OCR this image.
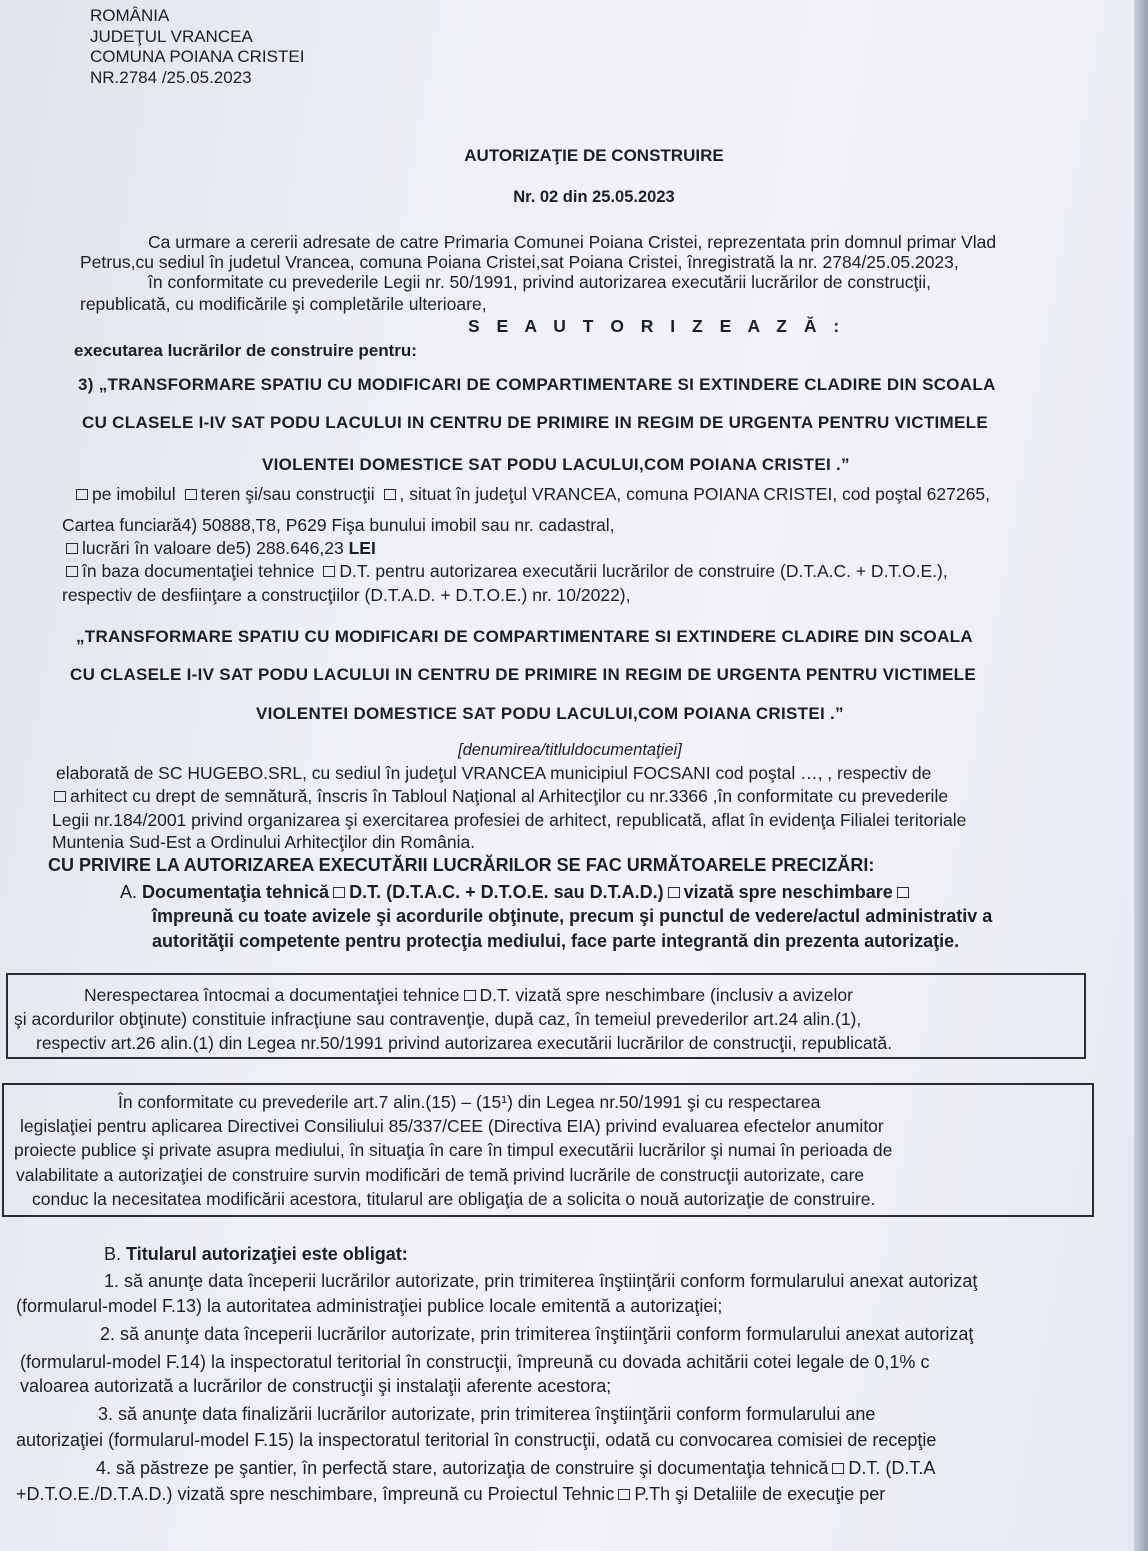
ROMÂNIA
JUDEŢUL VRANCEA
COMUNA POIANA CRISTEI
NR.2784 /25.05.2023
AUTORIZAŢIE DE CONSTRUIRE
Nr. 02 din 25.05.2023
Ca urmare a cererii adresate de catre Primaria Comunei Poiana Cristei, reprezentata prin domnul primar Vlad
Petrus,cu sediul în judetul Vrancea, comuna Poiana Cristei,sat Poiana Cristei, înregistrată la nr. 2784/25.05.2023,
în conformitate cu prevederile Legii nr. 50/1991, privind autorizarea executării lucrărilor de construcţii,
republicată, cu modificările şi completările ulterioare,
S E A U T O R I Z E A Z Ă :
executarea lucrărilor de construire pentru:
3) „TRANSFORMARE SPATIU CU MODIFICARI DE COMPARTIMENTARE SI EXTINDERE CLADIRE DIN SCOALA
CU CLASELE I-IV SAT PODU LACULUI IN CENTRU DE PRIMIRE IN REGIM DE URGENTA PENTRU VICTIMELE
VIOLENTEI DOMESTICE SAT PODU LACULUI,COM POIANA CRISTEI .”
pe imobilul teren şi/sau construcţii , situat în judeţul VRANCEA, comuna POIANA CRISTEI, cod poştal 627265,
Cartea funciară4) 50888,T8, P629 Fişa bunului imobil sau nr. cadastral,
lucrări în valoare de5) 288.646,23 LEI
în baza documentaţiei tehnice D.T. pentru autorizarea executării lucrărilor de construire (D.T.A.C. + D.T.O.E.),
respectiv de desfiinţare a construcţiilor (D.T.A.D. + D.T.O.E.) nr. 10/2022),
„TRANSFORMARE SPATIU CU MODIFICARI DE COMPARTIMENTARE SI EXTINDERE CLADIRE DIN SCOALA
CU CLASELE I-IV SAT PODU LACULUI IN CENTRU DE PRIMIRE IN REGIM DE URGENTA PENTRU VICTIMELE
VIOLENTEI DOMESTICE SAT PODU LACULUI,COM POIANA CRISTEI .”
[denumirea/titluldocumentaţiei]
elaborată de SC HUGEBO.SRL, cu sediul în judeţul VRANCEA municipiul FOCSANI cod poştal …, , respectiv de
arhitect cu drept de semnătură, înscris în Tabloul Naţional al Arhitecţilor cu nr.3366 ,în conformitate cu prevederile
Legii nr.184/2001 privind organizarea şi exercitarea profesiei de arhitect, republicată, aflat în evidenţa Filialei teritoriale
Muntenia Sud-Est a Ordinului Arhitecţilor din România.
CU PRIVIRE LA AUTORIZAREA EXECUTĂRII LUCRĂRILOR SE FAC URMĂTOARELE PRECIZĂRI:
A. Documentaţia tehnică D.T. (D.T.A.C. + D.T.O.E. sau D.T.A.D.) vizată spre neschimbare
împreună cu toate avizele şi acordurile obţinute, precum şi punctul de vedere/actul administrativ a
autorităţii competente pentru protecţia mediului, face parte integrantă din prezenta autorizaţie.
Nerespectarea întocmai a documentaţiei tehnice D.T. vizată spre neschimbare (inclusiv a avizelor
şi acordurilor obţinute) constituie infracţiune sau contravenţie, după caz, în temeiul prevederilor art.24 alin.(1),
respectiv art.26 alin.(1) din Legea nr.50/1991 privind autorizarea executării lucrărilor de construcţii, republicată.
În conformitate cu prevederile art.7 alin.(15) – (15¹) din Legea nr.50/1991 şi cu respectarea
legislaţiei pentru aplicarea Directivei Consiliului 85/337/CEE (Directiva EIA) privind evaluarea efectelor anumitor
proiecte publice şi private asupra mediului, în situaţia în care în timpul executării lucrărilor şi numai în perioada de
valabilitate a autorizaţiei de construire survin modificări de temă privind lucrările de construcţii autorizate, care
conduc la necesitatea modificării acestora, titularul are obligaţia de a solicita o nouă autorizaţie de construire.
B. Titularul autorizaţiei este obligat:
1. să anunţe data începerii lucrărilor autorizate, prin trimiterea înştiinţării conform formularului anexat autorizaţ
(formularul-model F.13) la autoritatea administraţiei publice locale emitentă a autorizaţiei;
2. să anunţe data începerii lucrărilor autorizate, prin trimiterea înştiinţării conform formularului anexat autorizaţ
(formularul-model F.14) la inspectoratul teritorial în construcţii, împreună cu dovada achitării cotei legale de 0,1% c
valoarea autorizată a lucrărilor de construcţii şi instalaţii aferente acestora;
3. să anunţe data finalizării lucrărilor autorizate, prin trimiterea înştiinţării conform formularului ane
autorizaţiei (formularul-model F.15) la inspectoratul teritorial în construcţii, odată cu convocarea comisiei de recepţie
4. să păstreze pe şantier, în perfectă stare, autorizaţia de construire şi documentaţia tehnică D.T. (D.T.A
+D.T.O.E./D.T.A.D.) vizată spre neschimbare, împreună cu Proiectul Tehnic P.Th şi Detaliile de execuţie per
